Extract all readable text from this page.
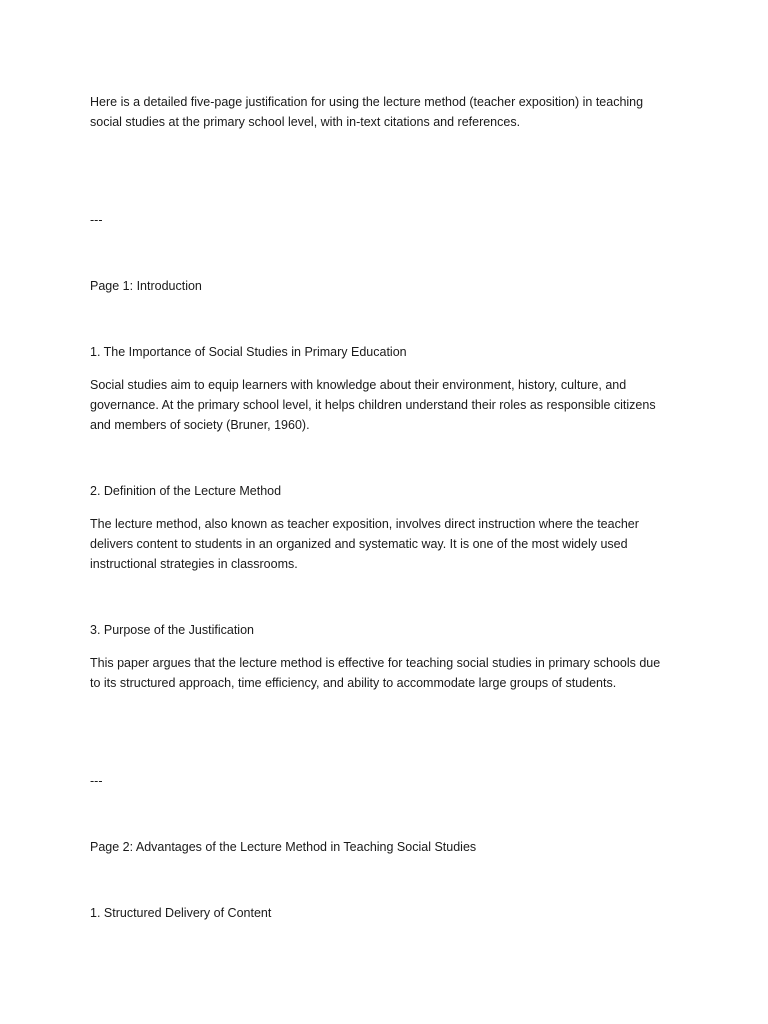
Here is a detailed five-page justification for using the lecture method (teacher exposition) in teaching
social studies at the primary school level, with in-text citations and references.

---

Page 1: Introduction

1. The Importance of Social Studies in Primary Education

Social studies aim to equip learners with knowledge about their environment, history, culture, and
governance. At the primary school level, it helps children understand their roles as responsible citizens
and members of society (Bruner, 1960).

2. Definition of the Lecture Method

The lecture method, also known as teacher exposition, involves direct instruction where the teacher
delivers content to students in an organized and systematic way. It is one of the most widely used
instructional strategies in classrooms.

3. Purpose of the Justification

This paper argues that the lecture method is effective for teaching social studies in primary schools due
to its structured approach, time efficiency, and ability to accommodate large groups of students.

---

Page 2: Advantages of the Lecture Method in Teaching Social Studies

1. Structured Delivery of Content
